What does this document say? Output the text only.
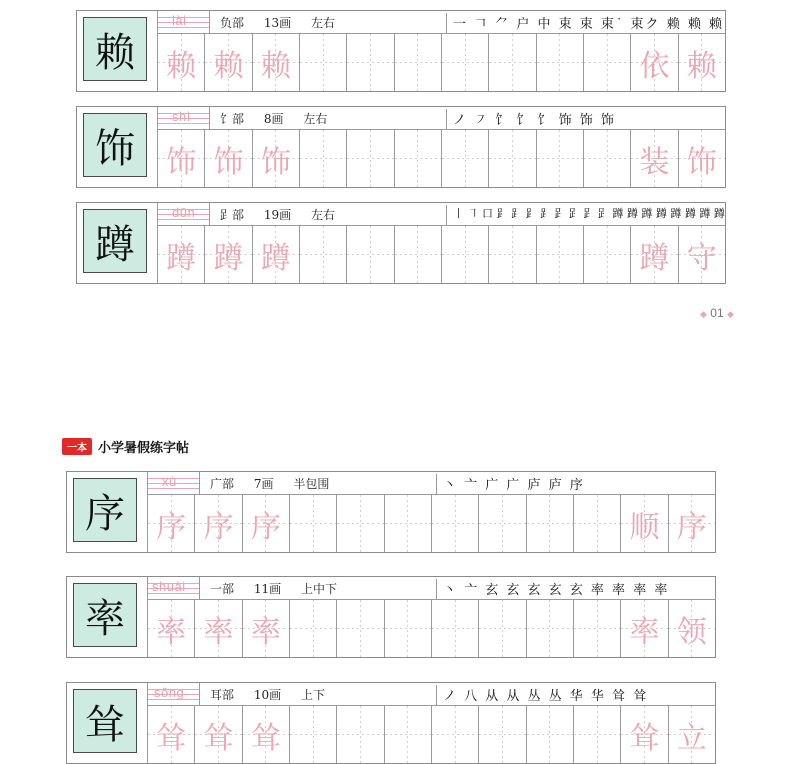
赖
lài	负部 13画 左右	一 𠃍 ⺈ 户 中 束 束 束˙ 束ク 赖 赖 赖
赖 赖 赖	依 赖
饰
shì 饣部 8画 左右	ノ ㇇ 饣 饣 饣 饰 饰 饰
饰 饰 饰	装 饰
蹲
dūn 𧾷部 19画 左右	丨 ㇕ 口 ⻊ ⻊ ⻊ ⻊ 𧾷 𧾷 𧾷 𧾷 蹲 蹲 蹲 蹲 蹲 蹲 蹲 蹲
蹲 蹲 蹲	蹲 守
◆ 01 ◆
一本 小学暑假练字帖
序
xù	广部 7画 半包围	丶 亠 广 广 庐 庐 序
序 序 序	顺 序
率
shuài 一部 11画 上中下	丶 亠 玄 玄 玄 玄 玄 率 率 率 率
率 率 率	率 领
耸
sǒng 耳部 10画 上下	ノ 八 从 从 丛 丛 华 华 耸 耸
耸 耸 耸	耸 立
